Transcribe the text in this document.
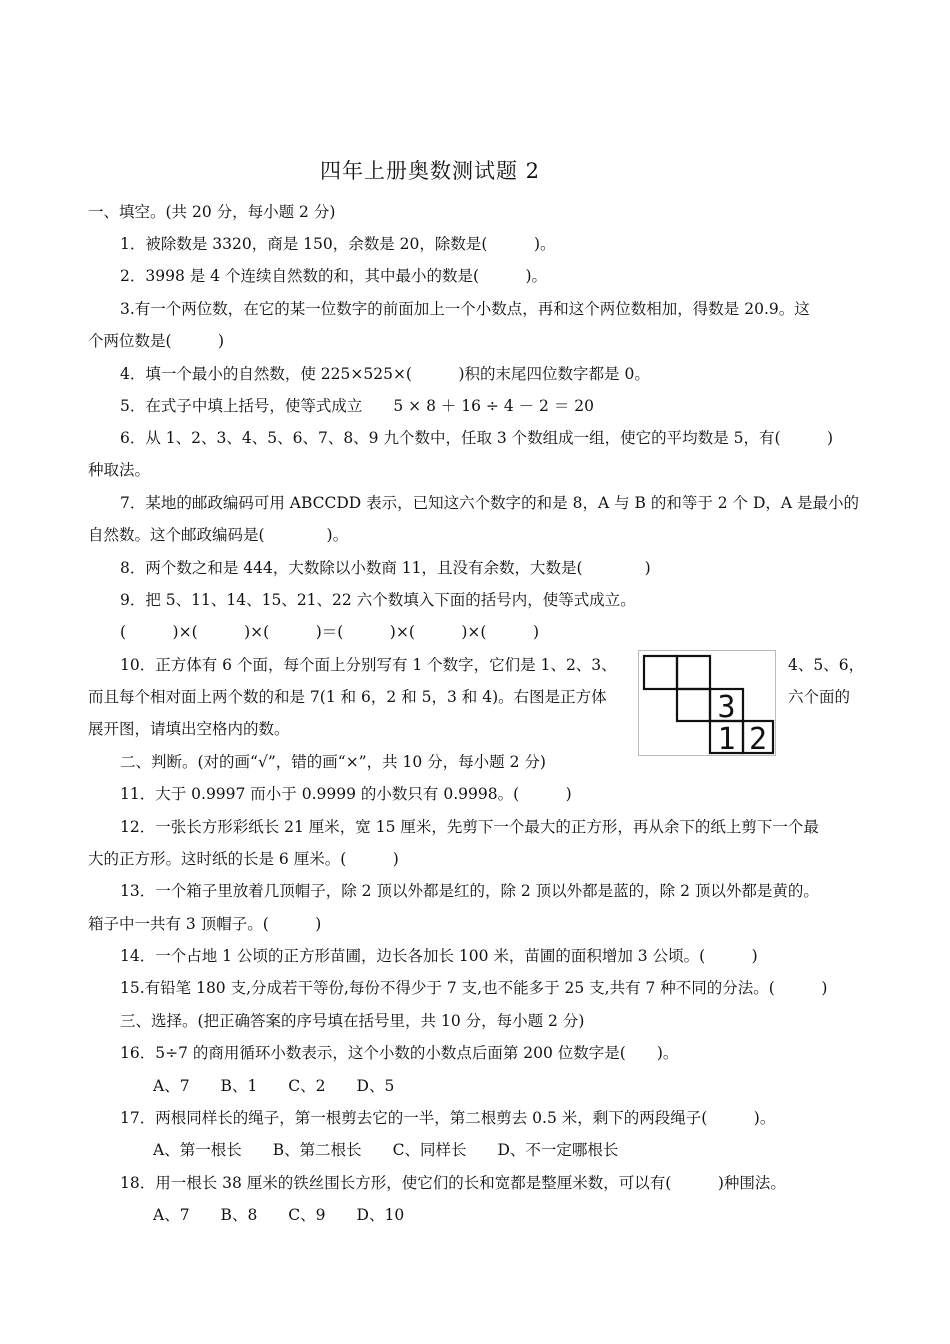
四年上册奥数测试题 2
一、填空。(共 20 分，每小题 2 分)
1．被除数是 3320，商是 150，余数是 20，除数是(　　　)。
2．3998 是 4 个连续自然数的和，其中最小的数是(　　　)。
3.有一个两位数，在它的某一位数字的前面加上一个小数点，再和这个两位数相加，得数是 20.9。这
个两位数是(　　　)
4．填一个最小的自然数，使 225×525×(　　　)积的末尾四位数字都是 0。
5．在式子中填上括号，使等式成立　　5 × 8 ＋ 16 ÷ 4 － 2 ＝ 20
6．从 1、2、3、4、5、6、7、8、9 九个数中，任取 3 个数组成一组，使它的平均数是 5，有(　　　)
种取法。
7．某地的邮政编码可用 ABCCDD 表示，已知这六个数字的和是 8，A 与 B 的和等于 2 个 D，A 是最小的
自然数。这个邮政编码是(　　　　)。
8．两个数之和是 444，大数除以小数商 11，且没有余数，大数是(　　　　)
9．把 5、11、14、15、21、22 六个数填入下面的括号内，使等式成立。
(　　　)×(　　　)×(　　　)＝(　　　)×(　　　)×(　　　)
10．正方体有 6 个面，每个面上分别写有 1 个数字，它们是 1、2、3、	4、5、6，
而且每个相对面上两个数的和是 7(1 和 6，2 和 5，3 和 4)。右图是正方体	六个面的
展开图，请填出空格内的数。
3
1 2
二、判断。(对的画“√”，错的画“×”，共 10 分，每小题 2 分)
11．大于 0.9997 而小于 0.9999 的小数只有 0.9998。(　　　)
12．一张长方形彩纸长 21 厘米，宽 15 厘米，先剪下一个最大的正方形，再从余下的纸上剪下一个最
大的正方形。这时纸的长是 6 厘米。(　　　)
13．一个箱子里放着几顶帽子，除 2 顶以外都是红的，除 2 顶以外都是蓝的，除 2 顶以外都是黄的。
箱子中一共有 3 顶帽子。(　　　)
14．一个占地 1 公顷的正方形苗圃，边长各加长 100 米，苗圃的面积增加 3 公顷。(　　　)
15.有铅笔 180 支,分成若干等份,每份不得少于 7 支,也不能多于 25 支,共有 7 种不同的分法。(　　　)
三、选择。(把正确答案的序号填在括号里，共 10 分，每小题 2 分)
16．5÷7 的商用循环小数表示，这个小数的小数点后面第 200 位数字是(　　)。
A、7　　B、1　　C、2　　D、5
17．两根同样长的绳子，第一根剪去它的一半，第二根剪去 0.5 米，剩下的两段绳子(　　　)。
A、第一根长　　B、第二根长　　C、同样长　　D、不一定哪根长
18．用一根长 38 厘米的铁丝围长方形，使它们的长和宽都是整厘米数，可以有(　　　)种围法。
A、7　　B、8　　C、9　　D、10
